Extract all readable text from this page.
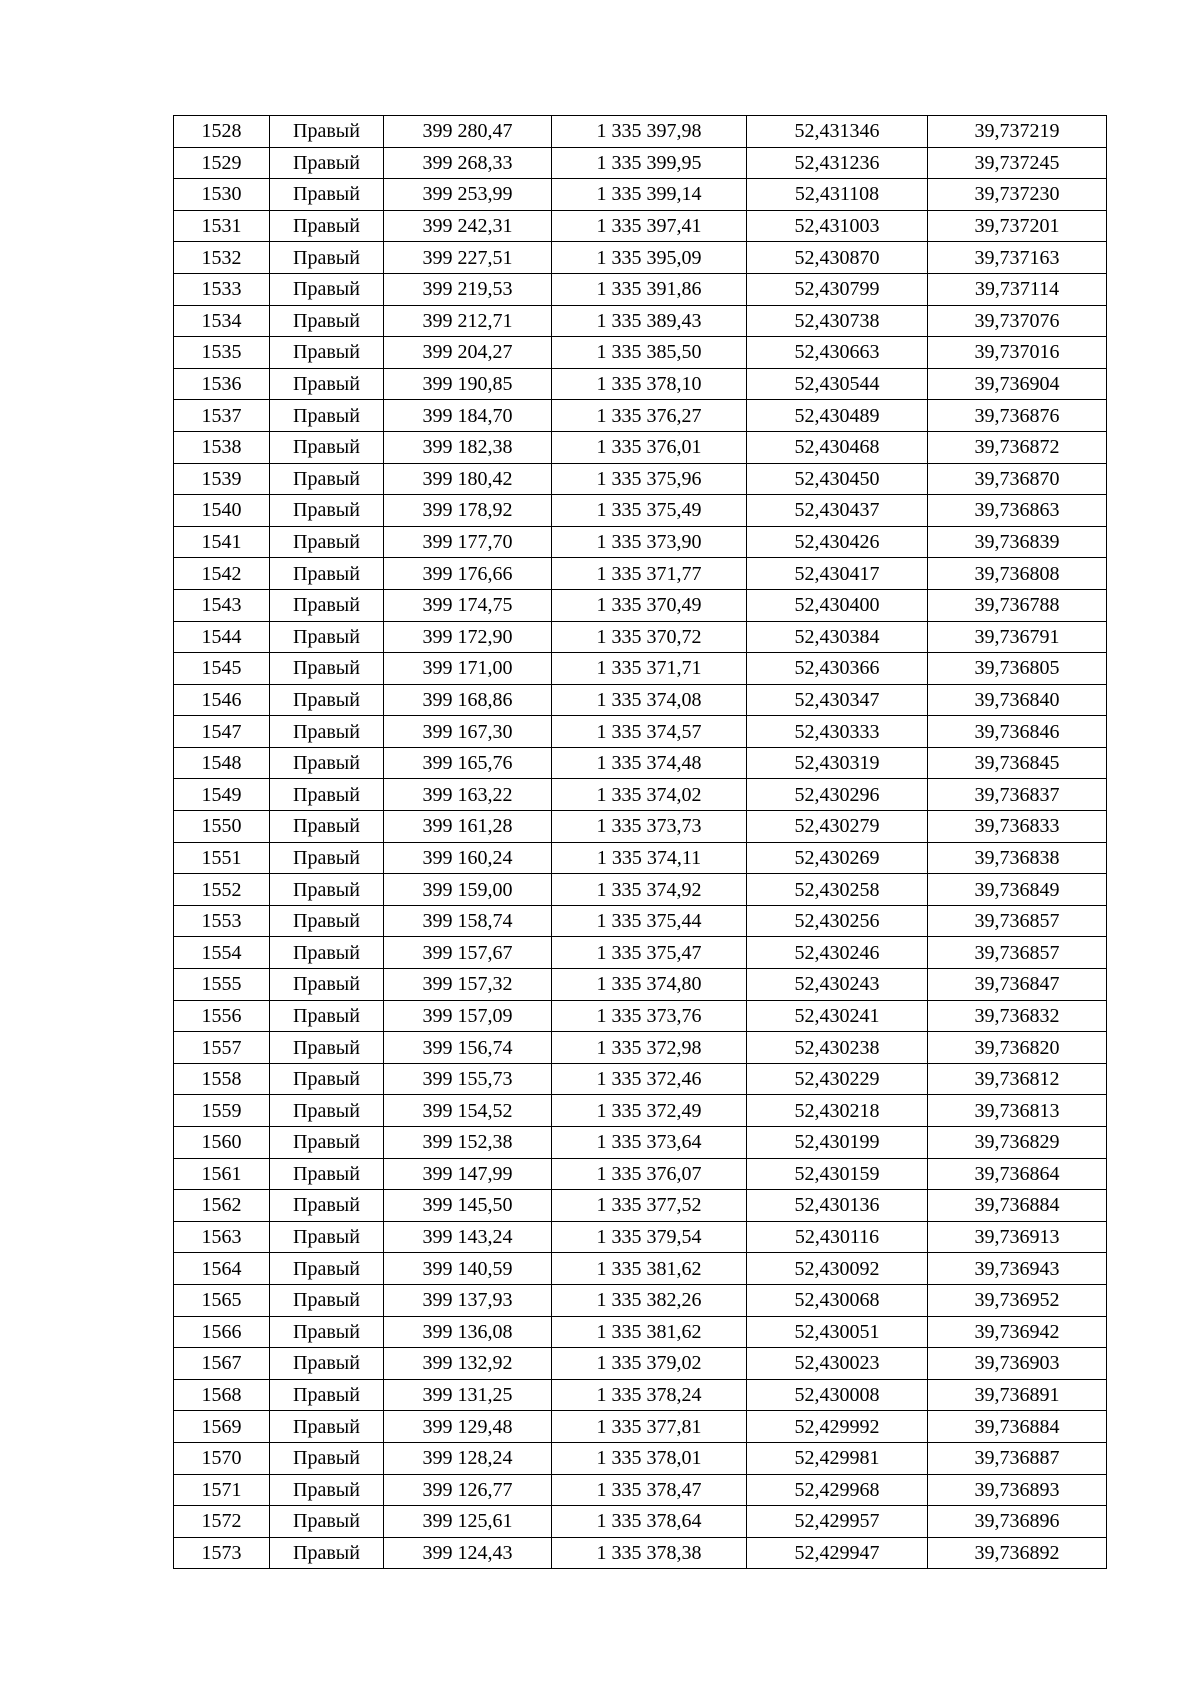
1528	Правый	399 280,47	1 335 397,98	52,431346	39,737219
1529	Правый	399 268,33	1 335 399,95	52,431236	39,737245
1530	Правый	399 253,99	1 335 399,14	52,431108	39,737230
1531	Правый	399 242,31	1 335 397,41	52,431003	39,737201
1532	Правый	399 227,51	1 335 395,09	52,430870	39,737163
1533	Правый	399 219,53	1 335 391,86	52,430799	39,737114
1534	Правый	399 212,71	1 335 389,43	52,430738	39,737076
1535	Правый	399 204,27	1 335 385,50	52,430663	39,737016
1536	Правый	399 190,85	1 335 378,10	52,430544	39,736904
1537	Правый	399 184,70	1 335 376,27	52,430489	39,736876
1538	Правый	399 182,38	1 335 376,01	52,430468	39,736872
1539	Правый	399 180,42	1 335 375,96	52,430450	39,736870
1540	Правый	399 178,92	1 335 375,49	52,430437	39,736863
1541	Правый	399 177,70	1 335 373,90	52,430426	39,736839
1542	Правый	399 176,66	1 335 371,77	52,430417	39,736808
1543	Правый	399 174,75	1 335 370,49	52,430400	39,736788
1544	Правый	399 172,90	1 335 370,72	52,430384	39,736791
1545	Правый	399 171,00	1 335 371,71	52,430366	39,736805
1546	Правый	399 168,86	1 335 374,08	52,430347	39,736840
1547	Правый	399 167,30	1 335 374,57	52,430333	39,736846
1548	Правый	399 165,76	1 335 374,48	52,430319	39,736845
1549	Правый	399 163,22	1 335 374,02	52,430296	39,736837
1550	Правый	399 161,28	1 335 373,73	52,430279	39,736833
1551	Правый	399 160,24	1 335 374,11	52,430269	39,736838
1552	Правый	399 159,00	1 335 374,92	52,430258	39,736849
1553	Правый	399 158,74	1 335 375,44	52,430256	39,736857
1554	Правый	399 157,67	1 335 375,47	52,430246	39,736857
1555	Правый	399 157,32	1 335 374,80	52,430243	39,736847
1556	Правый	399 157,09	1 335 373,76	52,430241	39,736832
1557	Правый	399 156,74	1 335 372,98	52,430238	39,736820
1558	Правый	399 155,73	1 335 372,46	52,430229	39,736812
1559	Правый	399 154,52	1 335 372,49	52,430218	39,736813
1560	Правый	399 152,38	1 335 373,64	52,430199	39,736829
1561	Правый	399 147,99	1 335 376,07	52,430159	39,736864
1562	Правый	399 145,50	1 335 377,52	52,430136	39,736884
1563	Правый	399 143,24	1 335 379,54	52,430116	39,736913
1564	Правый	399 140,59	1 335 381,62	52,430092	39,736943
1565	Правый	399 137,93	1 335 382,26	52,430068	39,736952
1566	Правый	399 136,08	1 335 381,62	52,430051	39,736942
1567	Правый	399 132,92	1 335 379,02	52,430023	39,736903
1568	Правый	399 131,25	1 335 378,24	52,430008	39,736891
1569	Правый	399 129,48	1 335 377,81	52,429992	39,736884
1570	Правый	399 128,24	1 335 378,01	52,429981	39,736887
1571	Правый	399 126,77	1 335 378,47	52,429968	39,736893
1572	Правый	399 125,61	1 335 378,64	52,429957	39,736896
1573	Правый	399 124,43	1 335 378,38	52,429947	39,736892
